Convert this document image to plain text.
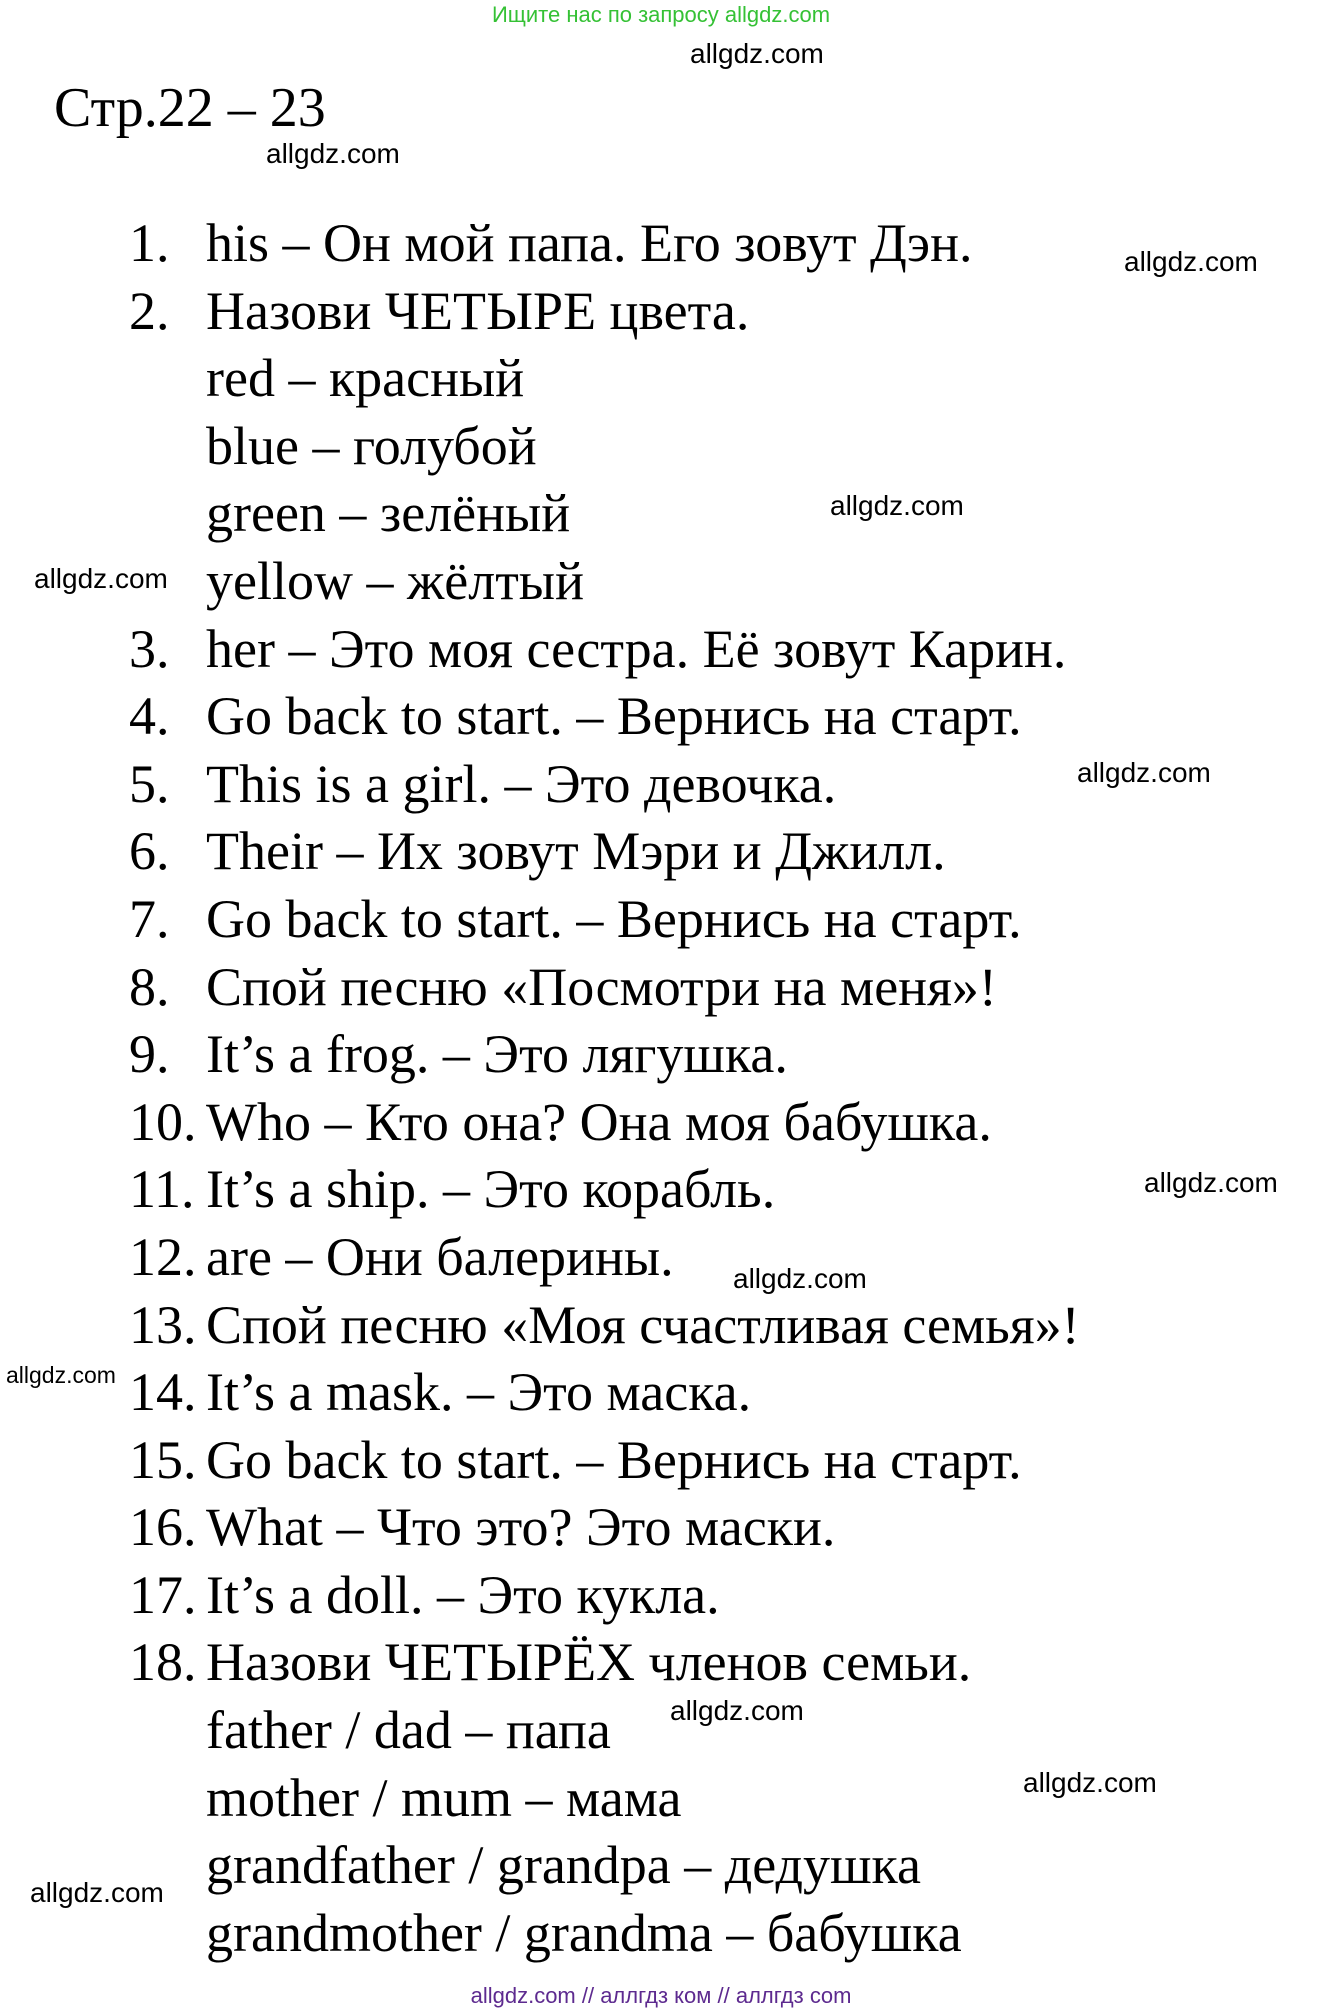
Ищите нас по запросу allgdz.com
allgdz.com
Стр.22 – 23
allgdz.com
allgdz.com
allgdz.com
allgdz.com
allgdz.com
allgdz.com
allgdz.com
allgdz.com
allgdz.com
allgdz.com
allgdz.com
1. his – Он мой папа. Его зовут Дэн.
2. Назови ЧЕТЫРЕ цвета.
red – красный
blue – голубой
green – зелёный
yellow – жёлтый
3. her – Это моя сестра. Её зовут Карин.
4. Go back to start. – Вернись на старт.
5. This is a girl. – Это девочка.
6. Their – Их зовут Мэри и Джилл.
7. Go back to start. – Вернись на старт.
8. Спой песню «Посмотри на меня»!
9. It’s a frog. – Это лягушка.
10. Who – Кто она? Она моя бабушка.
11. It’s a ship. – Это корабль.
12. are – Они балерины.
13. Спой песню «Моя счастливая семья»!
14. It’s a mask. – Это маска.
15. Go back to start. – Вернись на старт.
16. What – Что это? Это маски.
17. It’s a doll. – Это кукла.
18. Назови ЧЕТЫРЁХ членов семьи.
father / dad – папа
mother / mum – мама
grandfather / grandpa – дедушка
grandmother / grandma – бабушка
allgdz.com // аллгдз ком // аллгдз com
